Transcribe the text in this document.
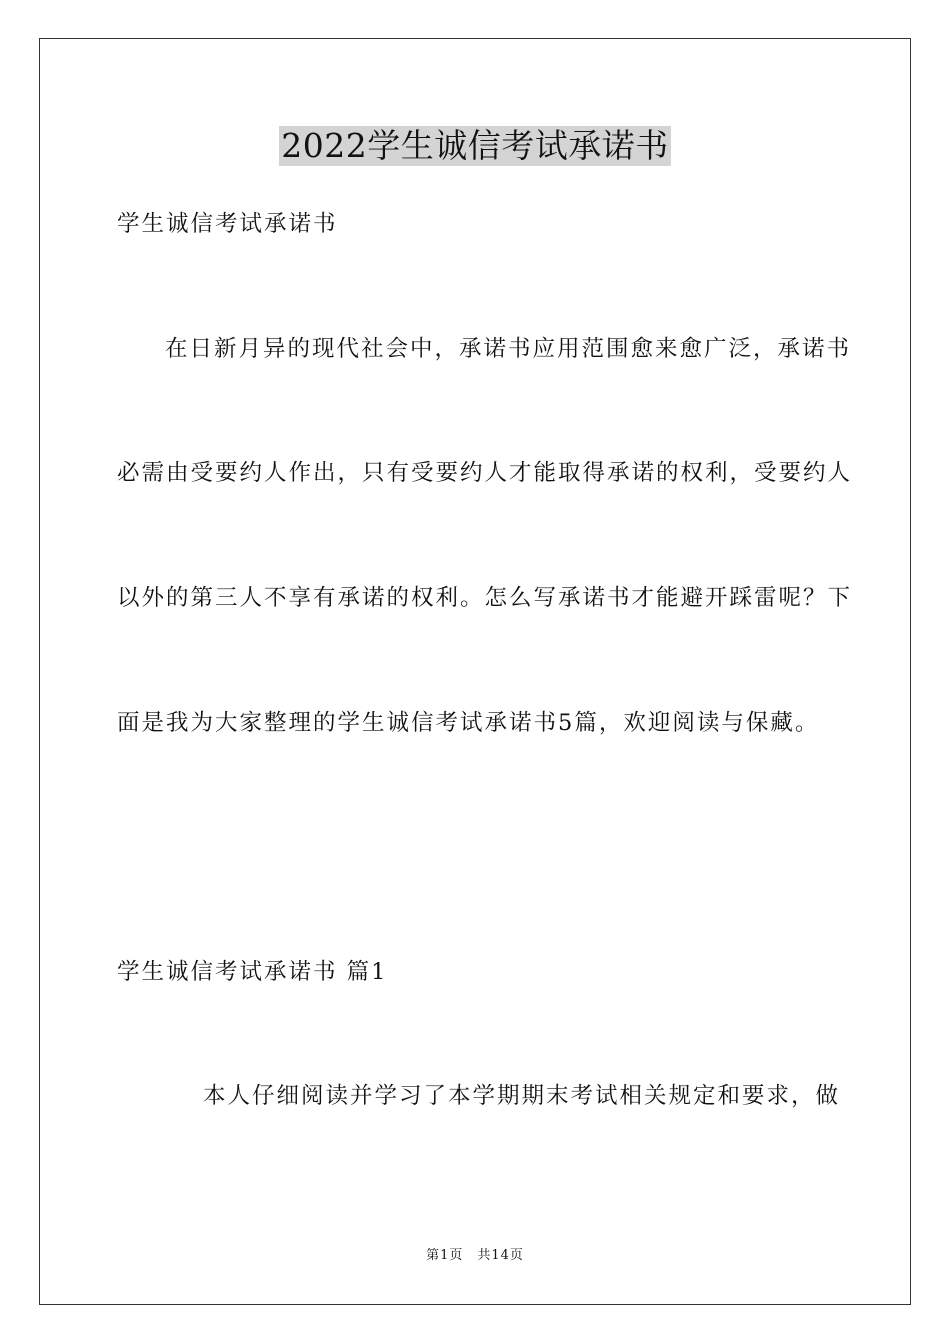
2022学生诚信考试承诺书
学生诚信考试承诺书
在日新月异的现代社会中，承诺书应用范围愈来愈广泛，承诺书
必需由受要约人作出，只有受要约人才能取得承诺的权利，受要约人
以外的第三人不享有承诺的权利。怎么写承诺书才能避开踩雷呢？下
面是我为大家整理的学生诚信考试承诺书5篇，欢迎阅读与保藏。
学生诚信考试承诺书 篇1
本人仔细阅读并学习了本学期期末考试相关规定和要求，做
第1页　共14页
